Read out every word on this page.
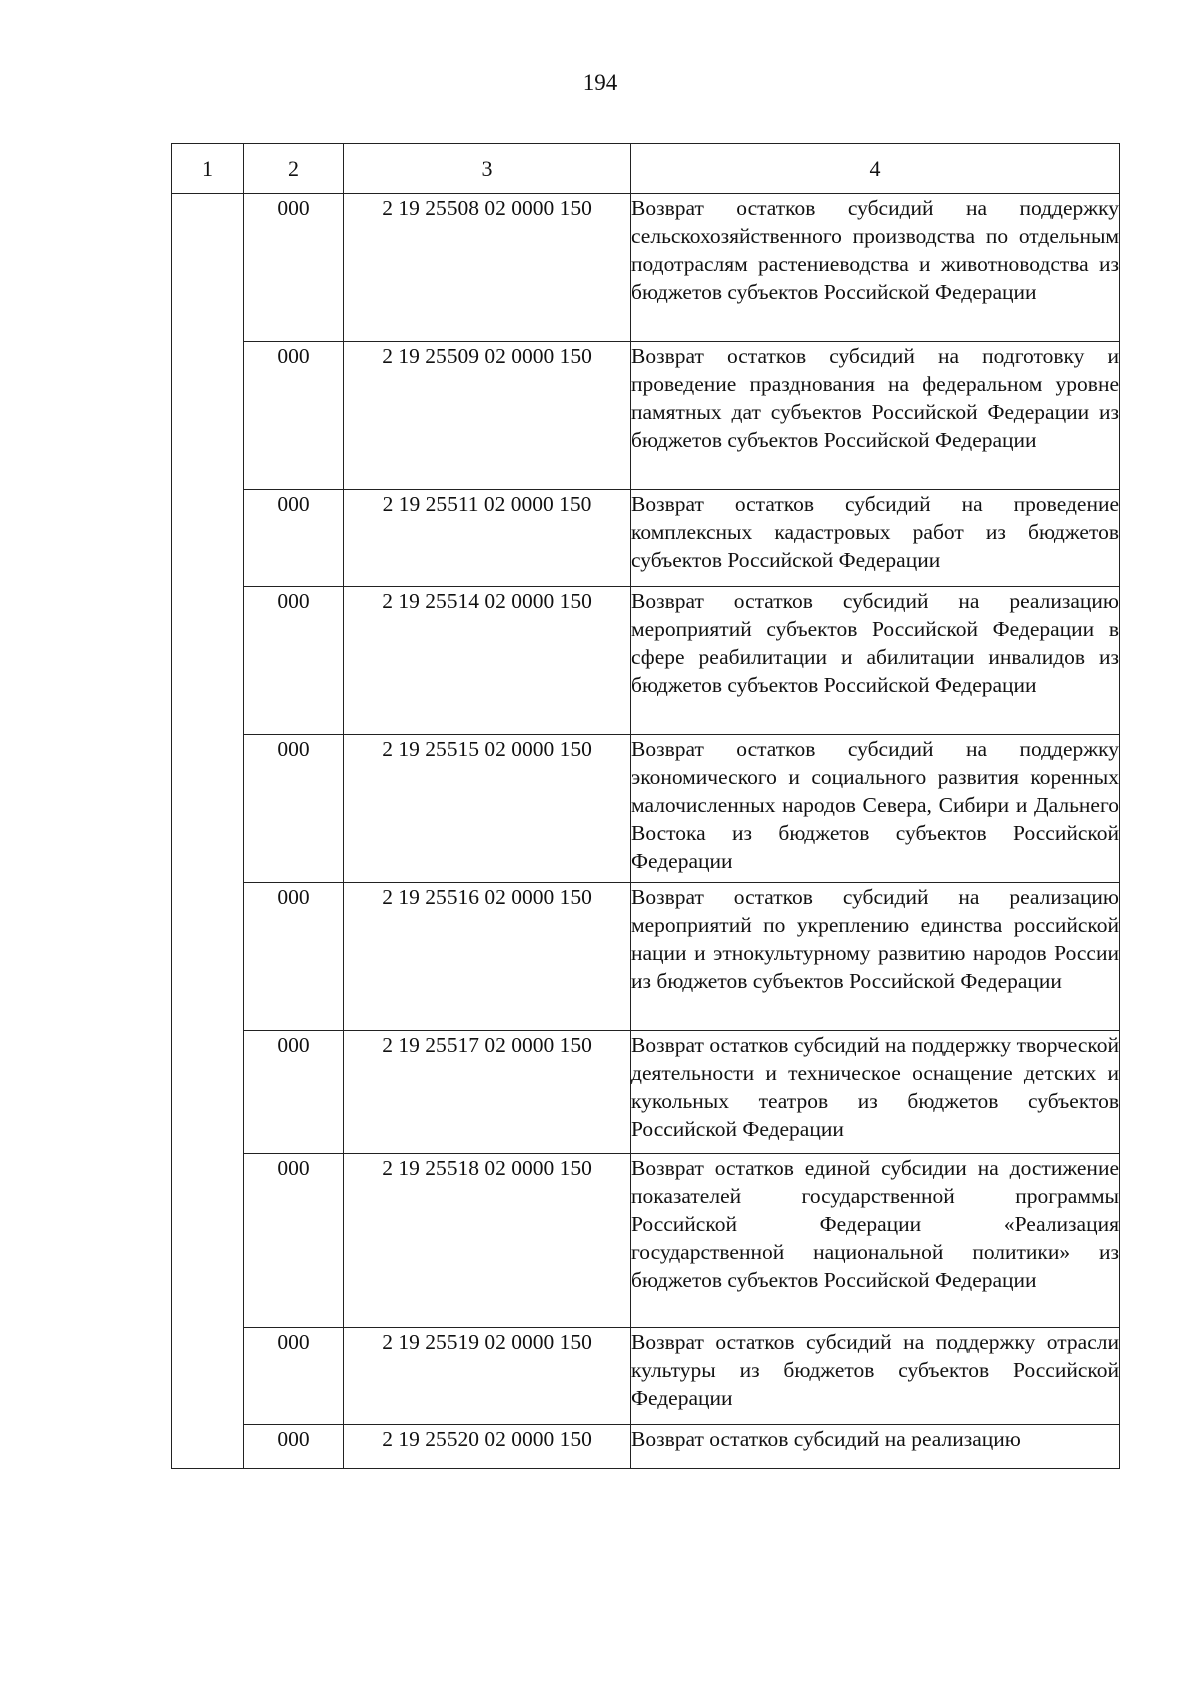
194
1	2	3	4
	000	2 19 25508 02 0000 150	Возврат остатков субсидий на поддержку сельскохозяйственного производства по отдельным подотраслям растениеводства и животноводства из бюджетов субъектов Российской Федерации
	000	2 19 25509 02 0000 150	Возврат остатков субсидий на подготовку и проведение празднования на федеральном уровне памятных дат субъектов Российской Федерации из бюджетов субъектов Российской Федерации
	000	2 19 25511 02 0000 150	Возврат остатков субсидий на проведение комплексных кадастровых работ из бюджетов субъектов Российской Федерации
	000	2 19 25514 02 0000 150	Возврат остатков субсидий на реализацию мероприятий субъектов Российской Федерации в сфере реабилитации и абилитации инвалидов из бюджетов субъектов Российской Федерации
	000	2 19 25515 02 0000 150	Возврат остатков субсидий на поддержку экономического и социального развития коренных малочисленных народов Севера, Сибири и Дальнего Востока из бюджетов субъектов Российской Федерации
	000	2 19 25516 02 0000 150	Возврат остатков субсидий на реализацию мероприятий по укреплению единства российской нации и этнокультурному развитию народов России из бюджетов субъектов Российской Федерации
	000	2 19 25517 02 0000 150	Возврат остатков субсидий на поддержку творческой деятельности и техническое оснащение детских и кукольных театров из бюджетов субъектов Российской Федерации
	000	2 19 25518 02 0000 150	Возврат остатков единой субсидии на достижение показателей государственной программы Российской Федерации «Реализация государственной национальной политики» из бюджетов субъектов Российской Федерации
	000	2 19 25519 02 0000 150	Возврат остатков субсидий на поддержку отрасли культуры из бюджетов субъектов Российской Федерации
	000	2 19 25520 02 0000 150	Возврат остатков субсидий на реализацию
